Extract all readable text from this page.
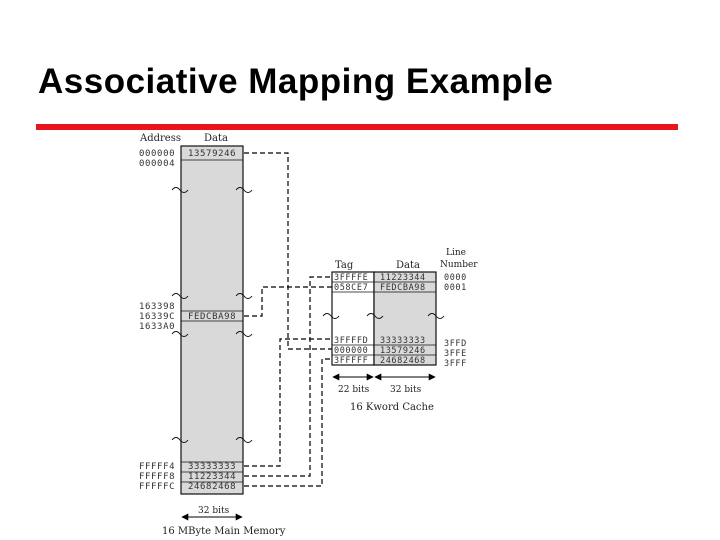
Associative Mapping Example
Address Data
000000
000004
13579246
163398
16339C
1633A0
FEDCBA98
FFFFF4
FFFFF8
FFFFFC
33333333
11223344
24682468
32 bits
16 MByte Main Memory
Tag	Data
Line
Number
3FFFFE
058CE7
11223344
FEDCBA98
0000
0001
3FFFFD
000000
3FFFFF
33333333
13579246
24682468
3FFD
3FFE
3FFF
22 bits 32 bits
16 Kword Cache
